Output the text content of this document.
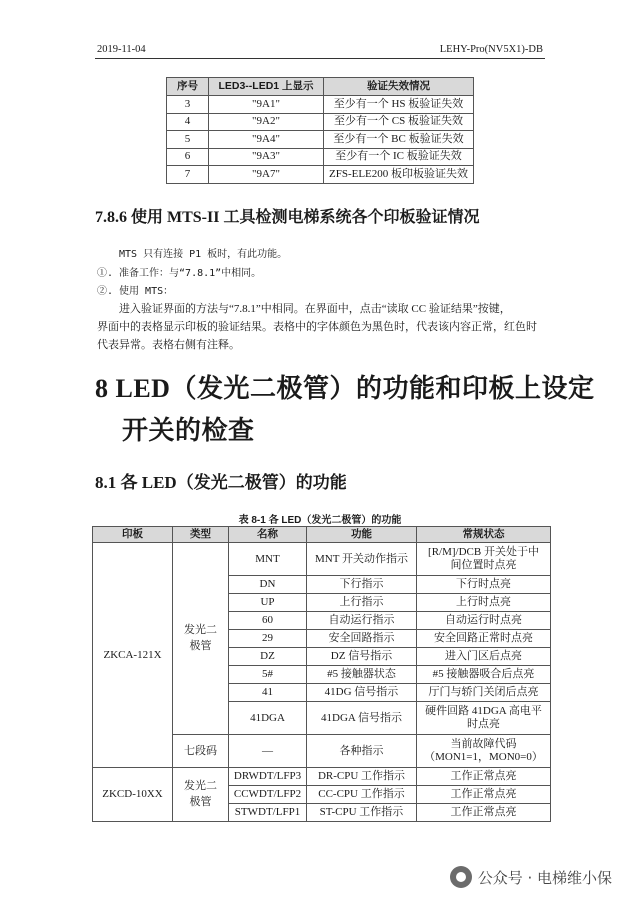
2019-11-04	LEHY-Pro(NV5X1)-DB
序号	LED3--LED1 上显示	验证失效情况
3	"9A1"	至少有一个 HS 板验证失效
4	"9A2"	至少有一个 CS 板验证失效
5	"9A4"	至少有一个 BC 板验证失效
6	"9A3"	至少有一个 IC 板验证失效
7	"9A7"	ZFS-ELE200 板印板验证失效
7.8.6 使用 MTS-II 工具检测电梯系统各个印板验证情况
MTS 只有连接 P1 板时，有此功能。
①. 准备工作：与“7.8.1”中相同。
②. 使用 MTS：
进入验证界面的方法与“7.8.1”中相同。在界面中，点击“读取 CC 验证结果”按键，
界面中的表格显示印板的验证结果。表格中的字体颜色为黑色时，代表该内容正常，红色时
代表异常。表格右侧有注释。
8 LED（发光二极管）的功能和印板上设定
开关的检查
8.1 各 LED（发光二极管）的功能
表 8-1 各 LED（发光二极管）的功能
印板	类型	名称	功能	常规状态
ZKCA-121X	发光二极管	MNT	MNT 开关动作指示	[R/M]/DCB 开关处于中间位置时点亮
		DN	下行指示	下行时点亮
		UP	上行指示	上行时点亮
		60	自动运行指示	自动运行时点亮
		29	安全回路指示	安全回路正常时点亮
		DZ	DZ 信号指示	进入门区后点亮
		5#	#5 接触器状态	#5 接触器吸合后点亮
		41	41DG 信号指示	厅门与轿门关闭后点亮
		41DGA	41DGA 信号指示	硬件回路 41DGA 高电平时点亮
	七段码	—	各种指示	当前故障代码（MON1=1，MON0=0）
ZKCD-10XX	发光二极管	DRWDT/LFP3	DR-CPU 工作指示	工作正常点亮
		CCWDT/LFP2	CC-CPU 工作指示	工作正常点亮
		STWDT/LFP1	ST-CPU 工作指示	工作正常点亮
公众号 · 电梯维小保
